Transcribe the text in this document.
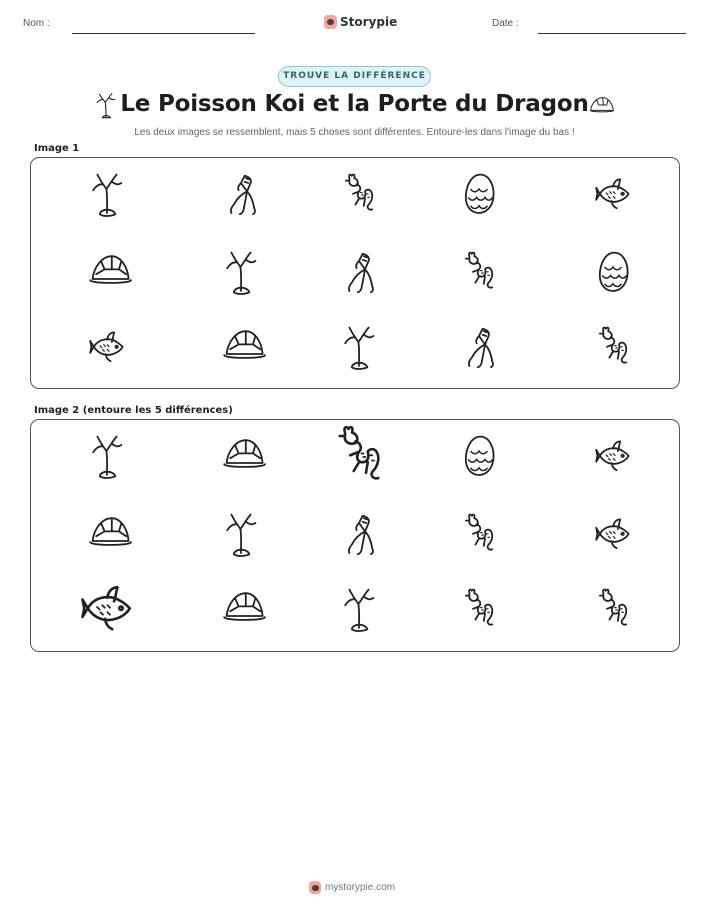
Nom :	Storypie	Date :
TROUVE LA DIFFÉRENCE
Le Poisson Koi et la Porte du Dragon
Les deux images se ressemblent, mais 5 choses sont différentes. Entoure-les dans l'image du bas !
Image 1
Image 2 (entoure les 5 différences)
mystorypie.com
